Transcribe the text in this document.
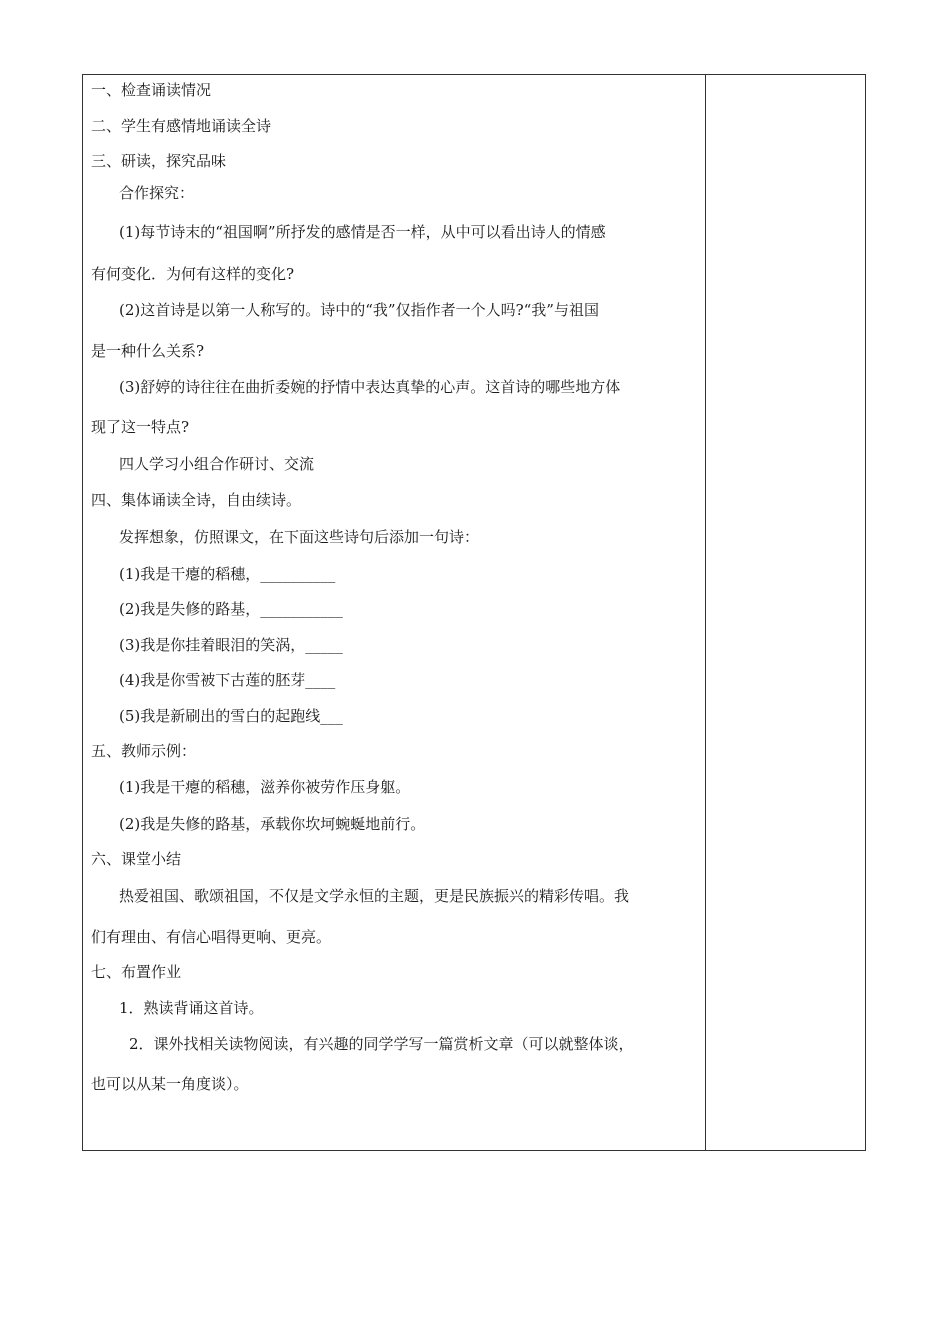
一、检查诵读情况
二、学生有感情地诵读全诗
三、研读，探究品味
合作探究：
(1)每节诗末的“祖国啊”所抒发的感情是否一样，从中可以看出诗人的情感
有何变化．为何有这样的变化?
(2)这首诗是以第一人称写的。诗中的“我”仅指作者一个人吗?“我”与祖国
是一种什么关系?
(3)舒婷的诗往往在曲折委婉的抒情中表达真挚的心声。这首诗的哪些地方体
现了这一特点?
四人学习小组合作研讨、交流
四、集体诵读全诗，自由续诗。
发挥想象，仿照课文，在下面这些诗句后添加一句诗：
(1)我是干瘪的稻穗，__________
(2)我是失修的路基，___________
(3)我是你挂着眼泪的笑涡，_____
(4)我是你雪被下古莲的胚芽____
(5)我是新刷出的雪白的起跑线___
五、教师示例：
(1)我是干瘪的稻穗，滋养你被劳作压身躯。
(2)我是失修的路基，承载你坎坷蜿蜒地前行。
六、课堂小结
热爱祖国、歌颂祖国，不仅是文学永恒的主题，更是民族振兴的精彩传唱。我
们有理由、有信心唱得更响、更亮。
七、布置作业
1．熟读背诵这首诗。
2．课外找相关读物阅读，有兴趣的同学学写一篇赏析文章（可以就整体谈，
也可以从某一角度谈）。
